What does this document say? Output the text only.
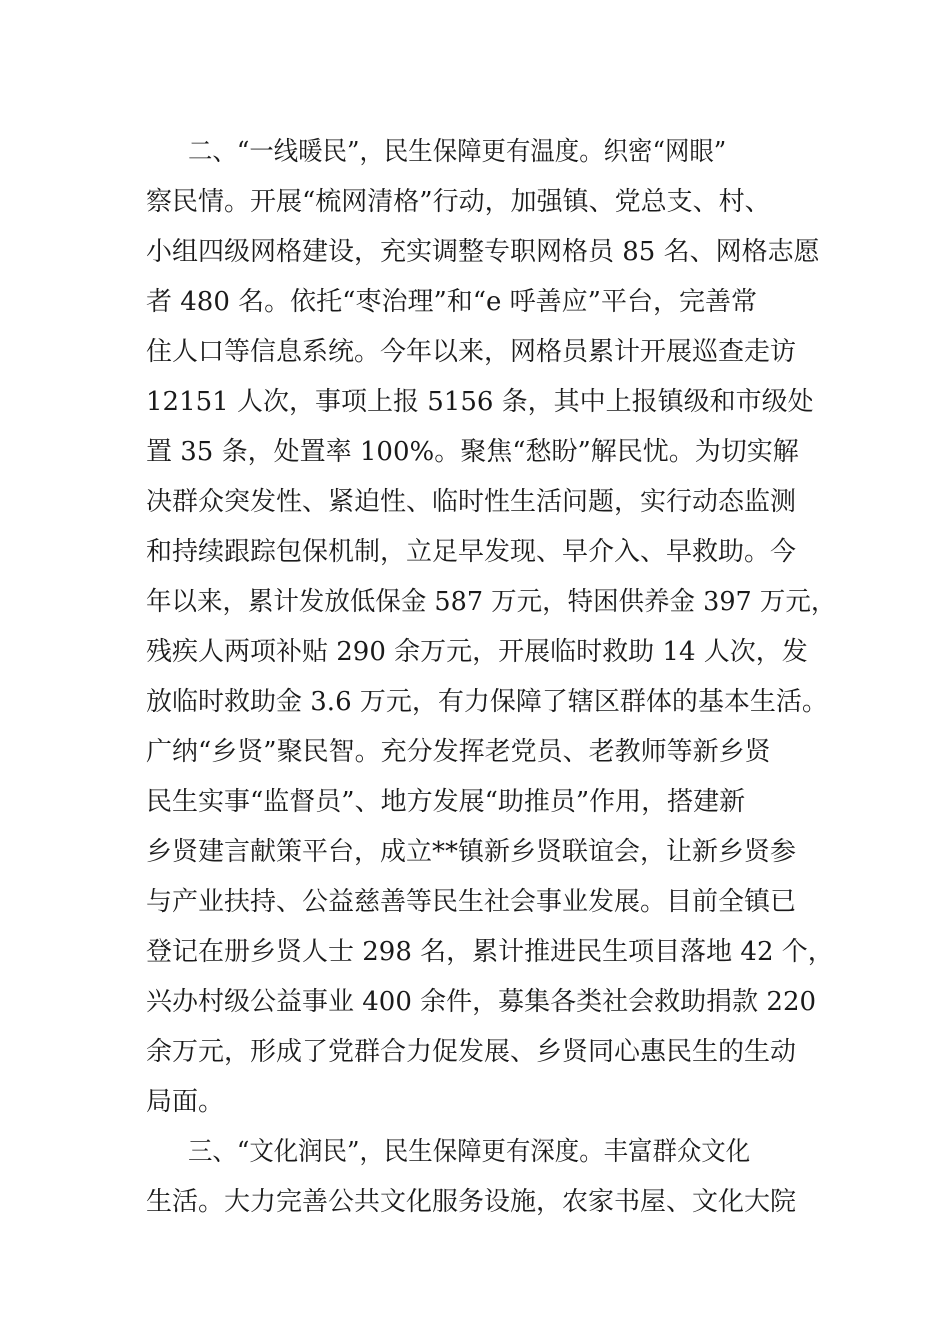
二、“一线暖民”，民生保障更有温度。织密“网眼”
察民情。开展“梳网清格”行动，加强镇、党总支、村、
小组四级网格建设，充实调整专职网格员 85 名、网格志愿
者 480 名。依托“枣治理”和“e 呼善应”平台，完善常
住人口等信息系统。今年以来，网格员累计开展巡查走访
12151 人次，事项上报 5156 条，其中上报镇级和市级处
置 35 条，处置率 100%。聚焦“愁盼”解民忧。为切实解
决群众突发性、紧迫性、临时性生活问题，实行动态监测
和持续跟踪包保机制，立足早发现、早介入、早救助。今
年以来，累计发放低保金 587 万元，特困供养金 397 万元，
残疾人两项补贴 290 余万元，开展临时救助 14 人次，发
放临时救助金 3.6 万元，有力保障了辖区群体的基本生活。
广纳“乡贤”聚民智。充分发挥老党员、老教师等新乡贤
民生实事“监督员”、地方发展“助推员”作用，搭建新
乡贤建言献策平台，成立**镇新乡贤联谊会，让新乡贤参
与产业扶持、公益慈善等民生社会事业发展。目前全镇已
登记在册乡贤人士 298 名，累计推进民生项目落地 42 个，
兴办村级公益事业 400 余件，募集各类社会救助捐款 220
余万元，形成了党群合力促发展、乡贤同心惠民生的生动
局面。
三、“文化润民”，民生保障更有深度。丰富群众文化
生活。大力完善公共文化服务设施，农家书屋、文化大院
